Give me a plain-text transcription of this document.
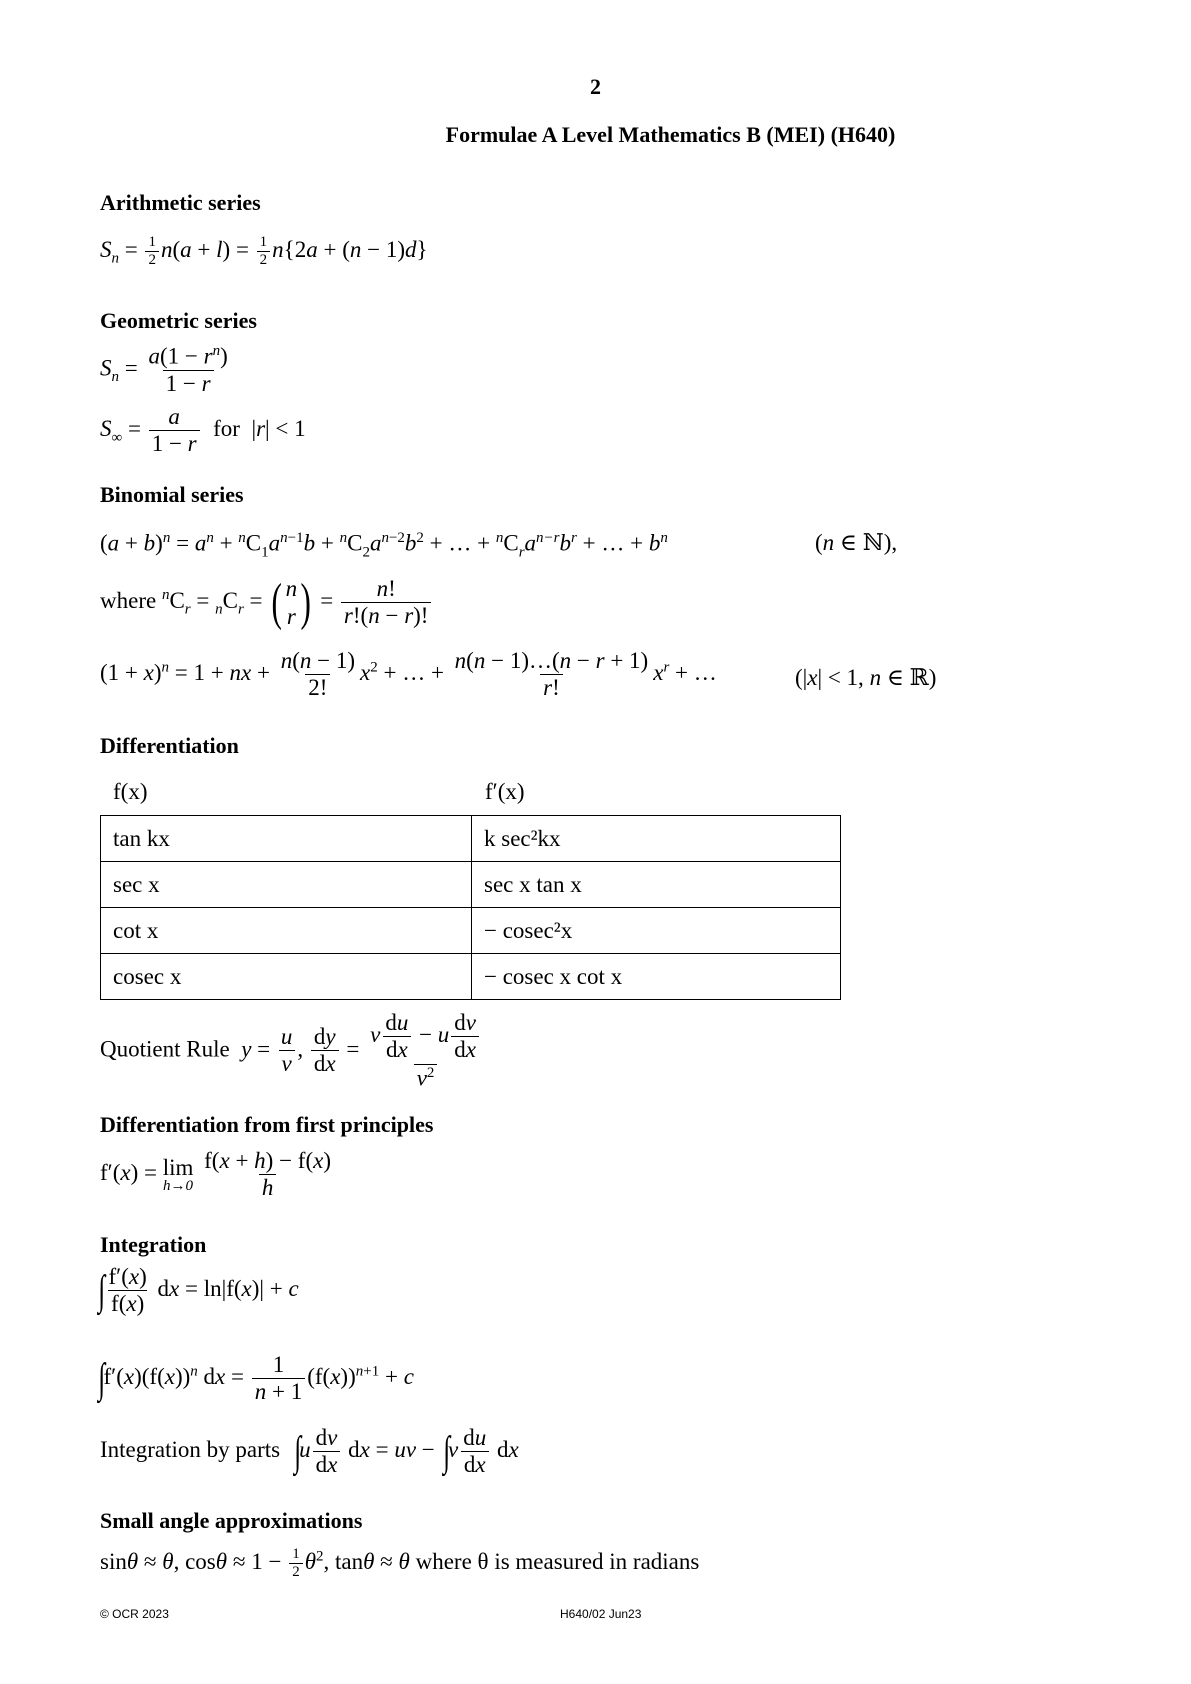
2
Formulae A Level Mathematics B (MEI) (H640)
Arithmetic series
$S_n = \frac{1}{2} n(a + l) = \frac{1}{2} n\{2a + (n - 1)d\}$
Geometric series
$S_n = \frac{a(1 - r^n)}{1 - r}$
$S_\infty = \frac{a}{1 - r}$ for  |r| < 1
Binomial series
$(a + b)^n = a^n + ^nC_1a^{n-1}b + ^nC_2a^{n-2}b^2$ + … + $^nC_ra^{n-r}b^r$ + … + $b^n$	(n ∈ ℕ),
where $^nC_r = _nC_r$ = ( n
r ) = $\frac{n!}{r!(n - r)!}$
$(1 + x)^n = 1$ + nx + $\frac{n(n - 1)}{2!} x^2$ + … + $\frac{n(n - 1)\dots(n - r + 1)}{r!} x^r$ + …	(|x| < 1, n ∈ ℝ)
Differentiation
f(x)	f′(x)
tan kx	k sec²kx
sec x	sec x tan x
cot x	− cosec²x
cosec x	− cosec x cot x
Quotient Rule $y = \frac{u}{v}$ , $\frac{dy}{dx} = \frac{v \frac{du}{dx} - u \frac{dv}{dx}}{v^2}$
Differentiation from first principles
f′(x) = lim
h→0
$\frac{f(x + h) - f(x)}{h}$
Integration
∫ $\frac{f'(x)}{f(x)}$ dx = ln|f(x)| + c
$\int f'(x)(f(x))^n$ dx = $\frac{1}{n + 1} (f(x))^{n+1} + c$
Integration by parts $\int u \frac{dv}{dx}$ dx = uv − $\int v \frac{du}{dx}$ dx
Small angle approximations
sinθ ≈ θ, $\cos\theta \approx 1 - \frac{1}{2} \theta^2$, tanθ ≈ θ where θ is measured in radians
© OCR 2023	H640/02 Jun23
